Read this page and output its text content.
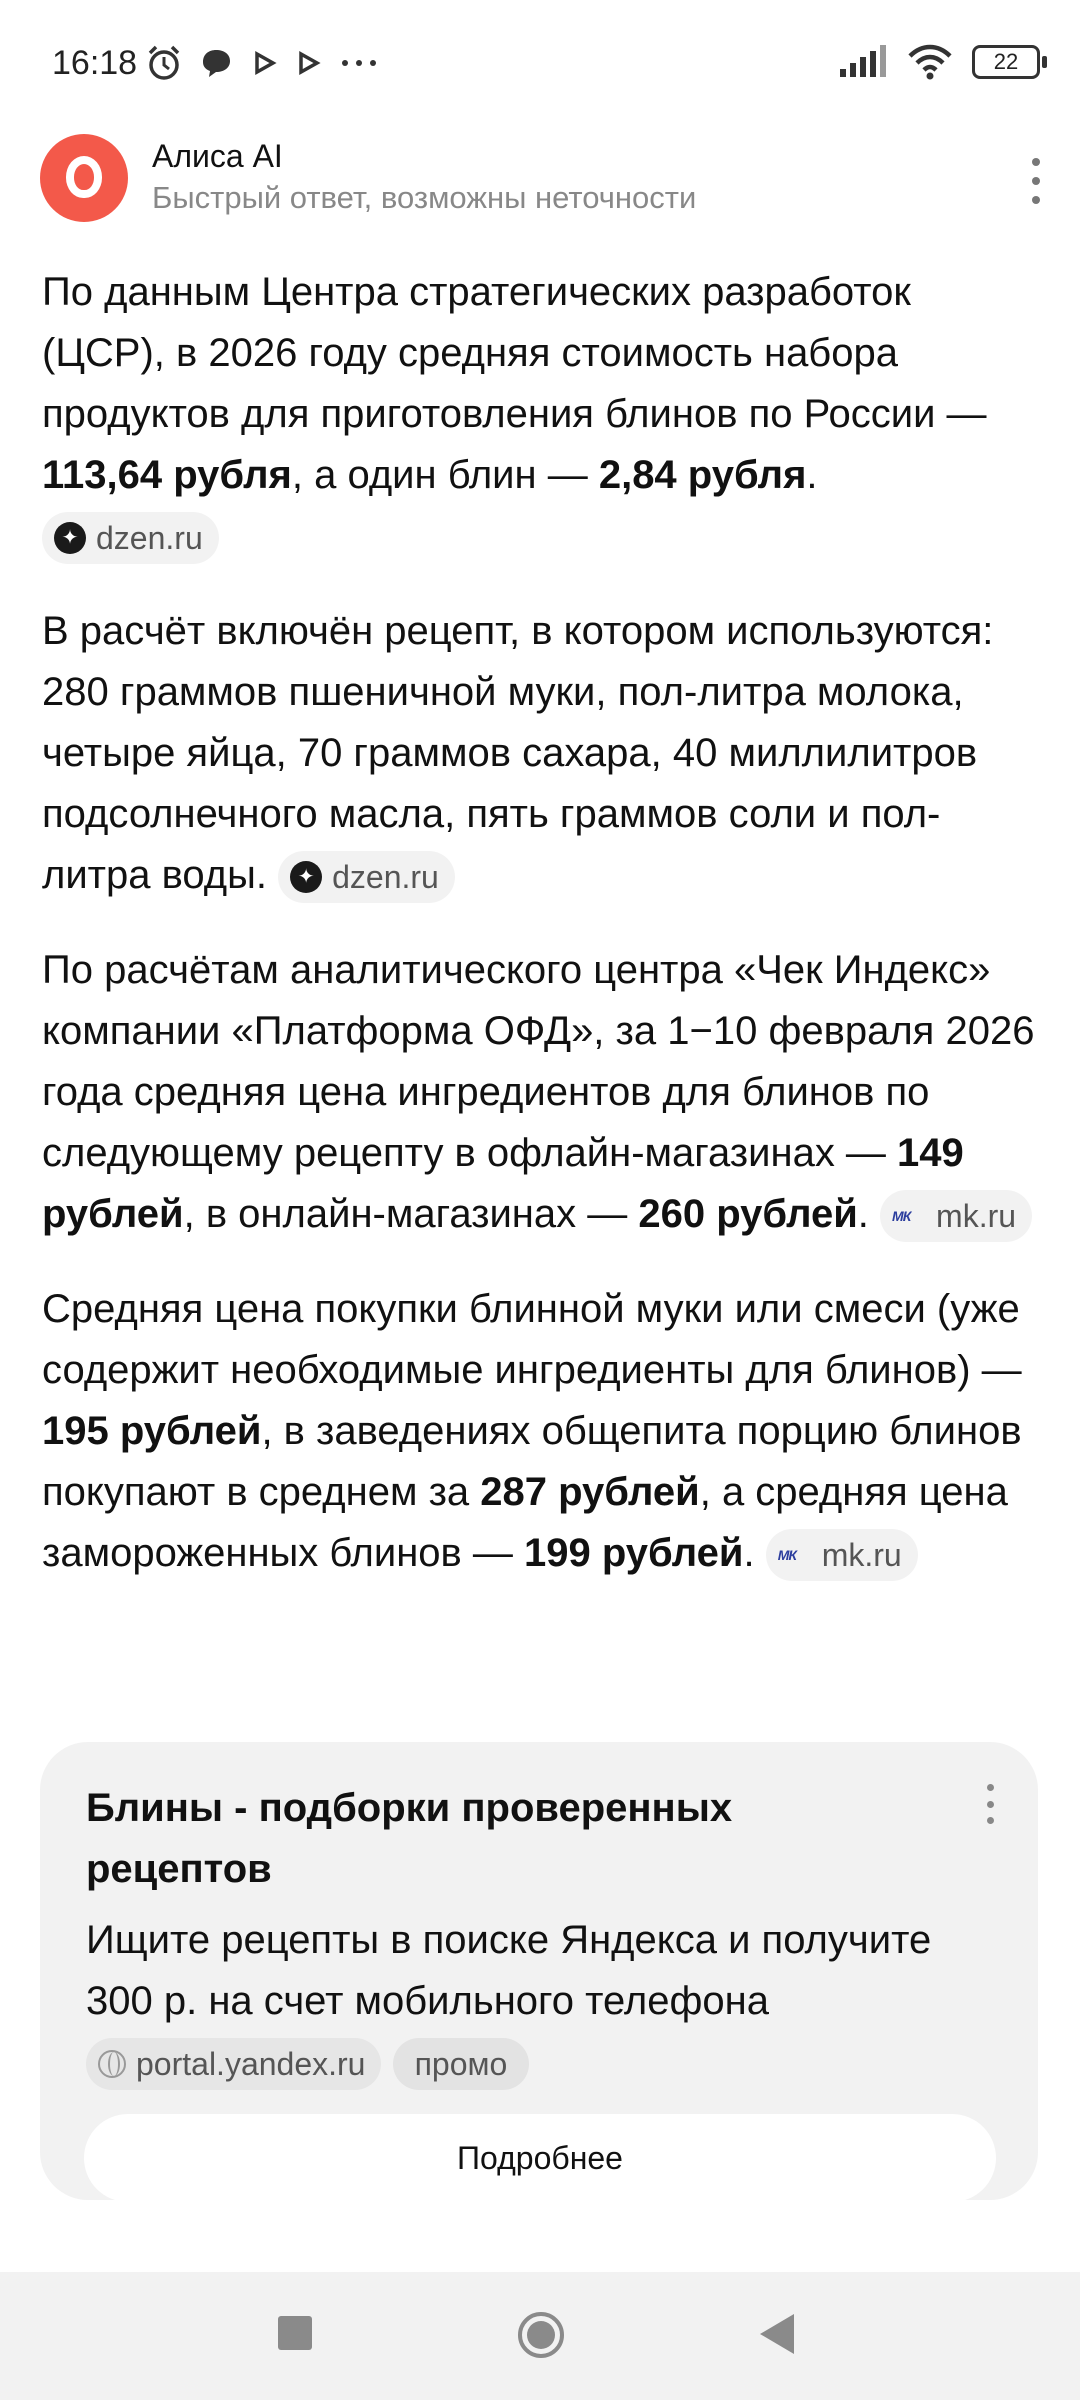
16:18	22
Алиса AI
Быстрый ответ, возможны неточности

По данным Центра стратегических разработок (ЦСР), в 2026 году средняя стоимость набора продуктов для приготовления блинов по России — 113,64 рубля, а один блин — 2,84 рубля.

✦ dzen.ru

В расчёт включён рецепт, в котором используются: 280 граммов пшеничной муки, пол-литра молока, четыре яйца, 70 граммов сахара, 40 миллилитров подсолнечного масла, пять граммов соли и пол-литра воды.	✦ dzen.ru

По расчётам аналитического центра «Чек Индекс» компании «Платформа ОФД», за 1−10 февраля 2026 года средняя цена ингредиентов для блинов по следующему рецепту в офлайн-магазинах — 149 рублей, в онлайн-магазинах — 260 рублей. МК mk.ru

Средняя цена покупки блинной муки или смеси (уже содержит необходимые ингредиенты для блинов) — 195 рублей, в заведениях общепита порцию блинов покупают в среднем за 287 рублей, а средняя цена замороженных блинов — 199 рублей. МК mk.ru

Блины - подборки проверенных рецептов
Ищите рецепты в поиске Яндекса и получите 300 р. на счет мобильного телефона
portal.yandex.ru промо
Подробнее
